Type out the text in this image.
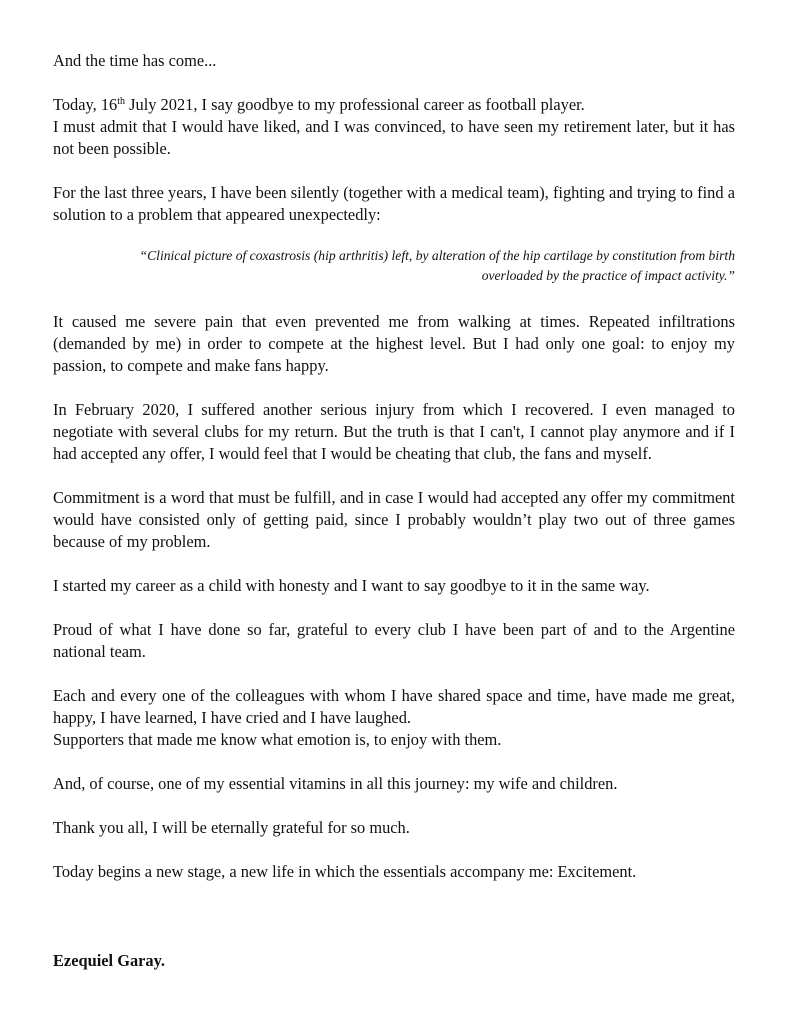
And the time has come...

Today, 16th July 2021, I say goodbye to my professional career as football player.
I must admit that I would have liked, and I was convinced, to have seen my retirement later, but it has not been possible.

For the last three years, I have been silently (together with a medical team), fighting and trying to find a solution to a problem that appeared unexpectedly:

“Clinical picture of coxastrosis (hip arthritis) left, by alteration of the hip cartilage by constitution from birth
overloaded by the practice of impact activity.”

It caused me severe pain that even prevented me from walking at times. Repeated infiltrations (demanded by me) in order to compete at the highest level. But I had only one goal: to enjoy my passion, to compete and make fans happy.

In February 2020, I suffered another serious injury from which I recovered. I even managed to negotiate with several clubs for my return. But the truth is that I can't, I cannot play anymore and if I had accepted any offer, I would feel that I would be cheating that club, the fans and myself.

Commitment is a word that must be fulfill, and in case I would had accepted any offer my commitment would have consisted only of getting paid, since I probably wouldn’t play two out of three games because of my problem.

I started my career as a child with honesty and I want to say goodbye to it in the same way.

Proud of what I have done so far, grateful to every club I have been part of and to the Argentine national team.

Each and every one of the colleagues with whom I have shared space and time, have made me great, happy, I have learned, I have cried and I have laughed.
Supporters that made me know what emotion is, to enjoy with them.

And, of course, one of my essential vitamins in all this journey: my wife and children.

Thank you all, I will be eternally grateful for so much.

Today begins a new stage, a new life in which the essentials accompany me: Excitement.

Ezequiel Garay.
